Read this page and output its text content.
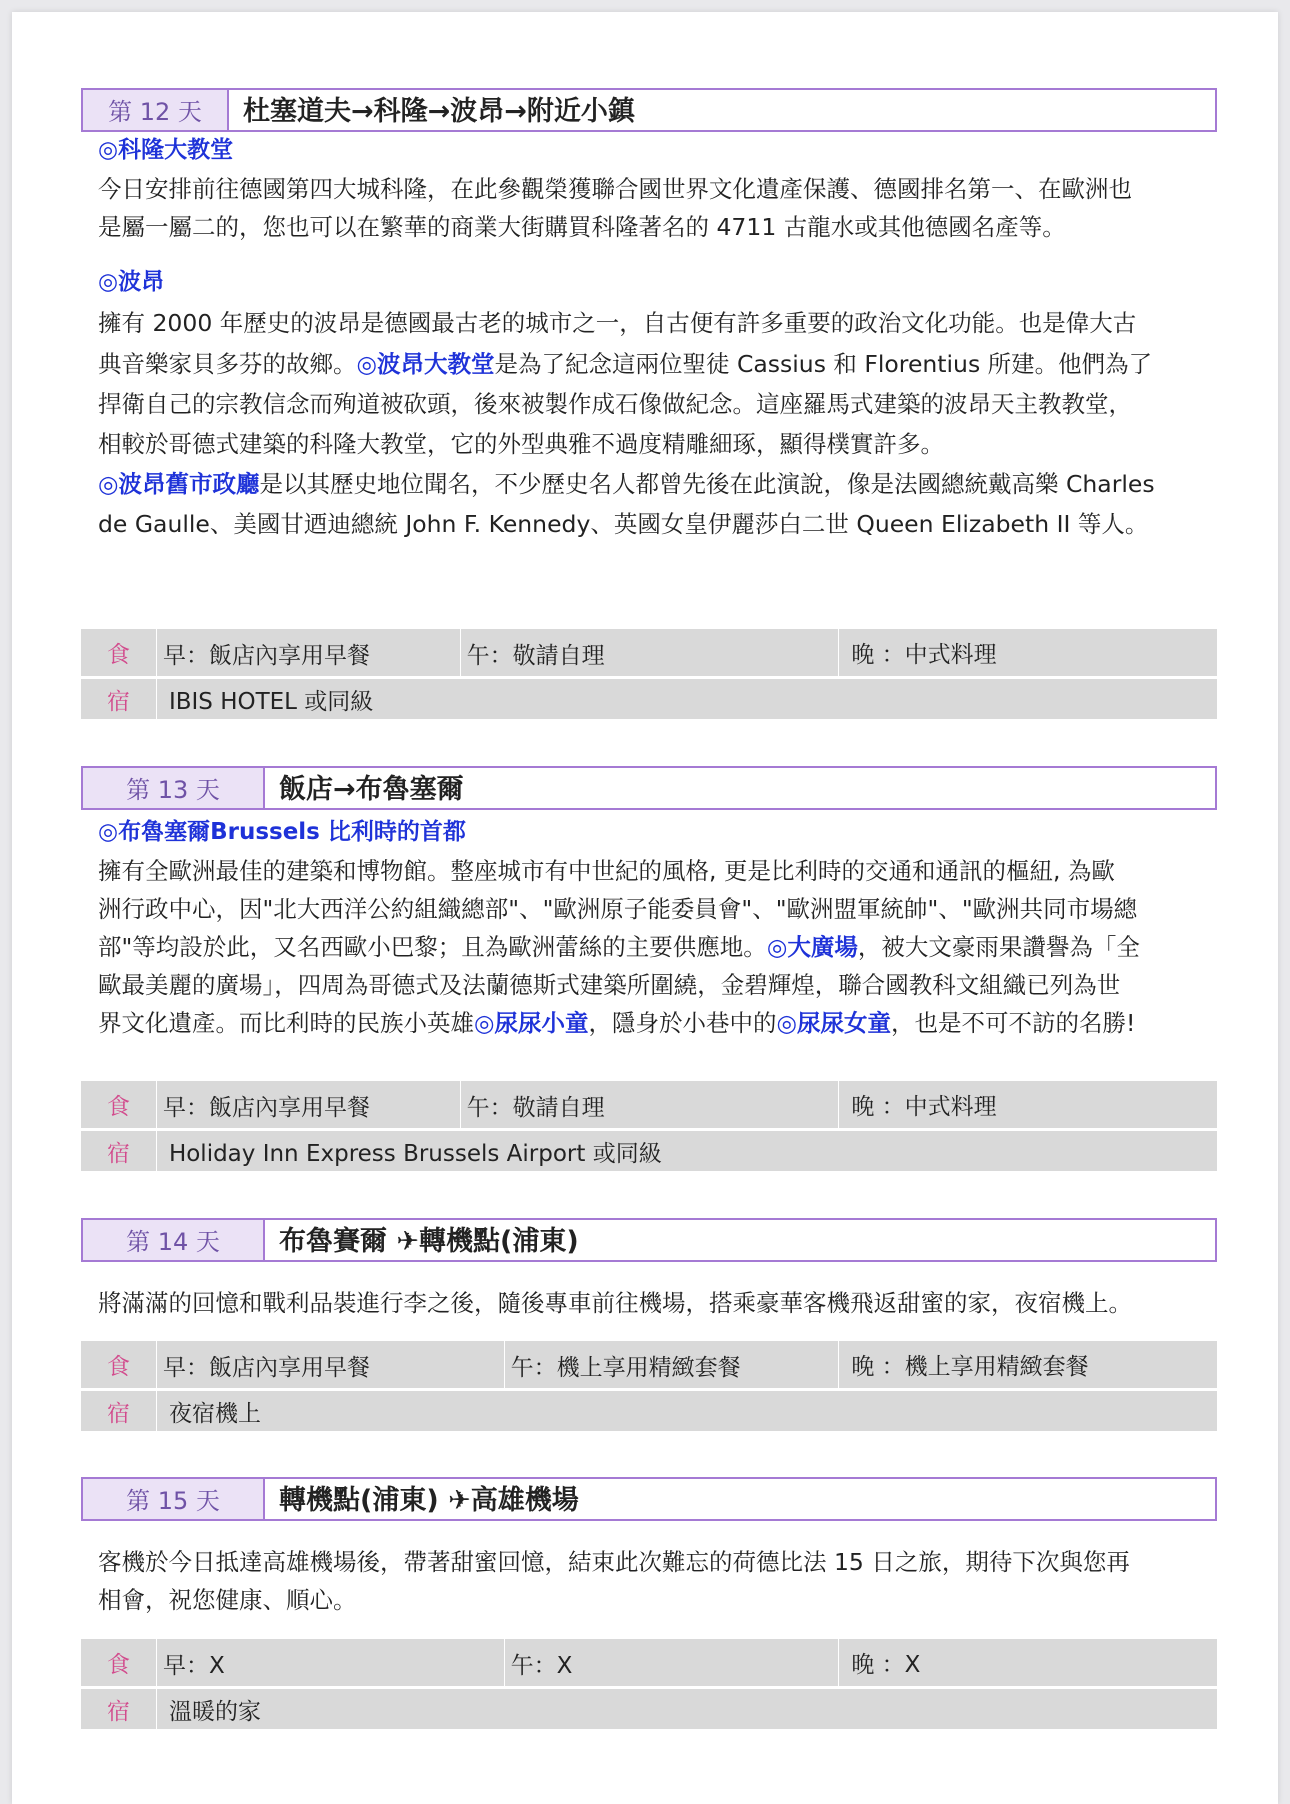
第 12 天	杜塞道夫→科隆→波昂→附近小鎮
◎科隆大教堂
今日安排前往德國第四大城科隆，在此參觀榮獲聯合國世界文化遺產保護、德國排名第一、在歐洲也
是屬一屬二的，您也可以在繁華的商業大街購買科隆著名的 4711 古龍水或其他德國名產等。
◎波昂
擁有 2000 年歷史的波昂是德國最古老的城市之一，自古便有許多重要的政治文化功能。也是偉大古
典音樂家貝多芬的故鄉。◎波昂大教堂是為了紀念這兩位聖徒 Cassius 和 Florentius 所建。他們為了
捍衛自己的宗教信念而殉道被砍頭，後來被製作成石像做紀念。這座羅馬式建築的波昂天主教教堂，
相較於哥德式建築的科隆大教堂，它的外型典雅不過度精雕細琢，顯得樸實許多。
◎波昂舊市政廳是以其歷史地位聞名，不少歷史名人都曾先後在此演說，像是法國總統戴高樂 Charles
de Gaulle、美國甘迺迪總統 John F. Kennedy、英國女皇伊麗莎白二世 Queen Elizabeth II 等人。
食	早：飯店內享用早餐	午：敬請自理	晚 ：中式料理
宿	IBIS HOTEL 或同級
第 13 天	飯店→布魯塞爾
◎布魯塞爾Brussels 比利時的首都
擁有全歐洲最佳的建築和博物館。整座城市有中世紀的風格, 更是比利時的交通和通訊的樞紐, 為歐
洲行政中心，因"北大西洋公約組織總部"、"歐洲原子能委員會"、"歐洲盟軍統帥"、"歐洲共同市場總
部"等均設於此，又名西歐小巴黎；且為歐洲蕾絲的主要供應地。◎大廣場，被大文豪雨果讚譽為「全
歐最美麗的廣場」，四周為哥德式及法蘭德斯式建築所圍繞，金碧輝煌，聯合國教科文組織已列為世
界文化遺產。而比利時的民族小英雄◎尿尿小童，隱身於小巷中的◎尿尿女童，也是不可不訪的名勝!
食	早：飯店內享用早餐	午：敬請自理	晚 ：中式料理
宿	Holiday Inn Express Brussels Airport 或同級
第 14 天	布魯賽爾 ✈轉機點(浦東)
將滿滿的回憶和戰利品裝進行李之後，隨後專車前往機場，搭乘豪華客機飛返甜蜜的家，夜宿機上。
食	早：飯店內享用早餐	午：機上享用精緻套餐	晚 ：機上享用精緻套餐
宿	夜宿機上
第 15 天	轉機點(浦東) ✈高雄機場
客機於今日抵達高雄機場後，帶著甜蜜回憶，結束此次難忘的荷德比法 15 日之旅，期待下次與您再
相會，祝您健康、順心。
食	早：X	午：X	晚 ：X
宿	溫暖的家
